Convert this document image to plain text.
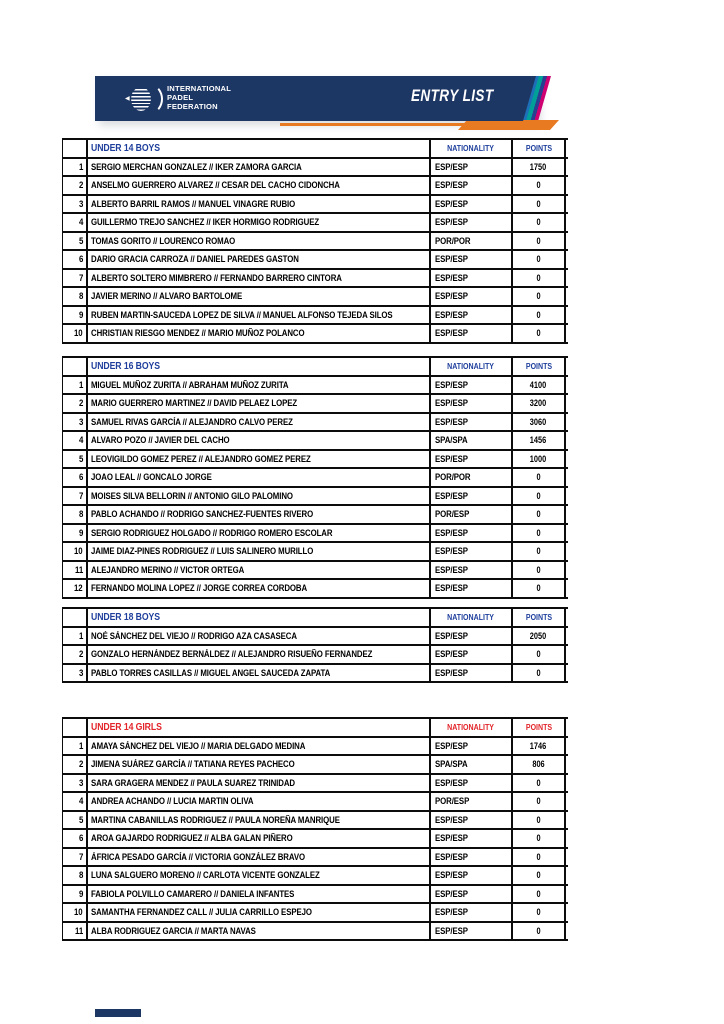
◀
INTERNATIONAL
PADEL
FEDERATION
ENTRY LIST
UNDER 14 BOYS	NATIONALITY	POINTS
1 SERGIO MERCHAN GONZALEZ // IKER ZAMORA GARCIA	ESP/ESP	1750
2 ANSELMO GUERRERO ALVAREZ // CESAR DEL CACHO CIDONCHA	ESP/ESP	0
3 ALBERTO BARRIL RAMOS // MANUEL VINAGRE RUBIO	ESP/ESP	0
4 GUILLERMO TREJO SANCHEZ // IKER HORMIGO RODRIGUEZ	ESP/ESP	0
5 TOMAS GORITO // LOURENCO ROMAO	POR/POR	0
6 DARIO GRACIA CARROZA // DANIEL PAREDES GASTON	ESP/ESP	0
7 ALBERTO SOLTERO MIMBRERO // FERNANDO BARRERO CINTORA	ESP/ESP	0
8 JAVIER MERINO // ALVARO BARTOLOME	ESP/ESP	0
9 RUBEN MARTIN-SAUCEDA LOPEZ DE SILVA // MANUEL ALFONSO TEJEDA SILOS	ESP/ESP	0
10 CHRISTIAN RIESGO MENDEZ // MARIO MUÑOZ POLANCO	ESP/ESP	0
UNDER 16 BOYS	NATIONALITY	POINTS
1 MIGUEL MUÑOZ ZURITA // ABRAHAM MUÑOZ ZURITA	ESP/ESP	4100
2 MARIO GUERRERO MARTINEZ // DAVID PELAEZ LOPEZ	ESP/ESP	3200
3 SAMUEL RIVAS GARCÍA // ALEJANDRO CALVO PEREZ	ESP/ESP	3060
4 ALVARO POZO // JAVIER DEL CACHO	SPA/SPA	1456
5 LEOVIGILDO GOMEZ PEREZ // ALEJANDRO GOMEZ PEREZ	ESP/ESP	1000
6 JOAO LEAL // GONCALO JORGE	POR/POR	0
7 MOISES SILVA BELLORIN // ANTONIO GILO PALOMINO	ESP/ESP	0
8 PABLO ACHANDO // RODRIGO SANCHEZ-FUENTES RIVERO	POR/ESP	0
9 SERGIO RODRIGUEZ HOLGADO // RODRIGO ROMERO ESCOLAR	ESP/ESP	0
10 JAIME DIAZ-PINES RODRIGUEZ // LUIS SALINERO MURILLO	ESP/ESP	0
11 ALEJANDRO MERINO // VICTOR ORTEGA	ESP/ESP	0
12 FERNANDO MOLINA LOPEZ // JORGE CORREA CORDOBA	ESP/ESP	0
UNDER 18 BOYS	NATIONALITY	POINTS
1 NOÉ SÁNCHEZ DEL VIEJO // RODRIGO AZA CASASECA	ESP/ESP	2050
2 GONZALO HERNÁNDEZ BERNÁLDEZ // ALEJANDRO RISUEÑO FERNANDEZ	ESP/ESP	0
3 PABLO TORRES CASILLAS // MIGUEL ANGEL SAUCEDA ZAPATA	ESP/ESP	0
UNDER 14 GIRLS	NATIONALITY	POINTS
1 AMAYA SÁNCHEZ DEL VIEJO // MARIA DELGADO MEDINA	ESP/ESP	1746
2 JIMENA SUÁREZ GARCÍA // TATIANA REYES PACHECO	SPA/SPA	806
3 SARA GRAGERA MENDEZ // PAULA SUAREZ TRINIDAD	ESP/ESP	0
4 ANDREA ACHANDO // LUCIA MARTIN OLIVA	POR/ESP	0
5 MARTINA CABANILLAS RODRIGUEZ // PAULA NOREÑA MANRIQUE	ESP/ESP	0
6 AROA GAJARDO RODRIGUEZ // ALBA GALAN PIÑERO	ESP/ESP	0
7 ÁFRICA PESADO GARCÍA // VICTORIA GONZÁLEZ BRAVO	ESP/ESP	0
8 LUNA SALGUERO MORENO // CARLOTA VICENTE GONZALEZ	ESP/ESP	0
9 FABIOLA POLVILLO CAMARERO // DANIELA INFANTES	ESP/ESP	0
10 SAMANTHA FERNANDEZ CALL // JULIA CARRILLO ESPEJO	ESP/ESP	0
11 ALBA RODRIGUEZ GARCIA // MARTA NAVAS	ESP/ESP	0
